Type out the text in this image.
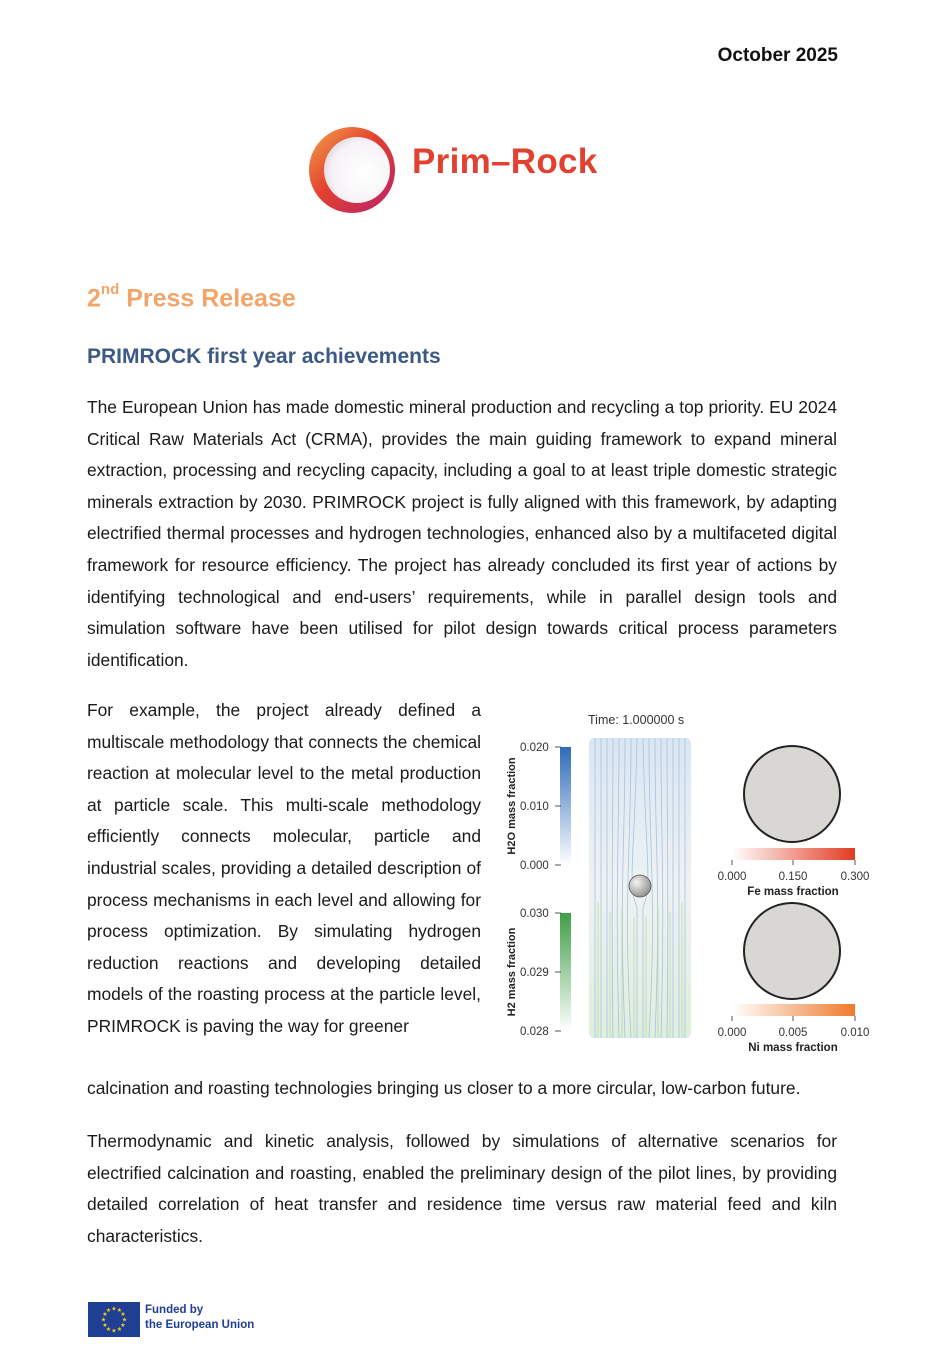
October 2025
Prim–Rock
2nd Press Release
PRIMROCK first year achievements
The European Union has made domestic mineral production and recycling a top priority. EU 2024 Critical Raw Materials Act (CRMA), provides the main guiding framework to expand mineral extraction, processing and recycling capacity, including a goal to at least triple domestic strategic minerals extraction by 2030. PRIMROCK project is fully aligned with this framework, by adapting electrified thermal processes and hydrogen technologies, enhanced also by a multifaceted digital framework for resource efficiency. The project has already concluded its first year of actions by identifying technological and end-users’ requirements, while in parallel design tools and simulation software have been utilised for pilot design towards critical process parameters identification.
For example, the project already defined a multiscale methodology that connects the chemical reaction at molecular level to the metal production at particle scale. This multi-scale methodology efficiently connects molecular, particle and industrial scales, providing a detailed description of process mechanisms in each level and allowing for process optimization. By simulating hydrogen reduction reactions and developing detailed models of the roasting process at the particle level, PRIMROCK is paving the way for greener
calcination and roasting technologies bringing us closer to a more circular, low-carbon future.
Thermodynamic and kinetic analysis, followed by simulations of alternative scenarios for electrified calcination and roasting, enabled the preliminary design of the pilot lines, by providing detailed correlation of heat transfer and residence time versus raw material feed and kiln characteristics.
Time: 1.000000 s
H2O mass fraction
0.020
0.010
0.000
H2 mass fraction
0.030
0.029
0.028
0.000	0.150	0.300
Fe mass fraction
0.000	0.005	0.010
Ni mass fraction
★ ★
★
★
★
★
★
★
★
★
★
★	Funded by
the European Union
